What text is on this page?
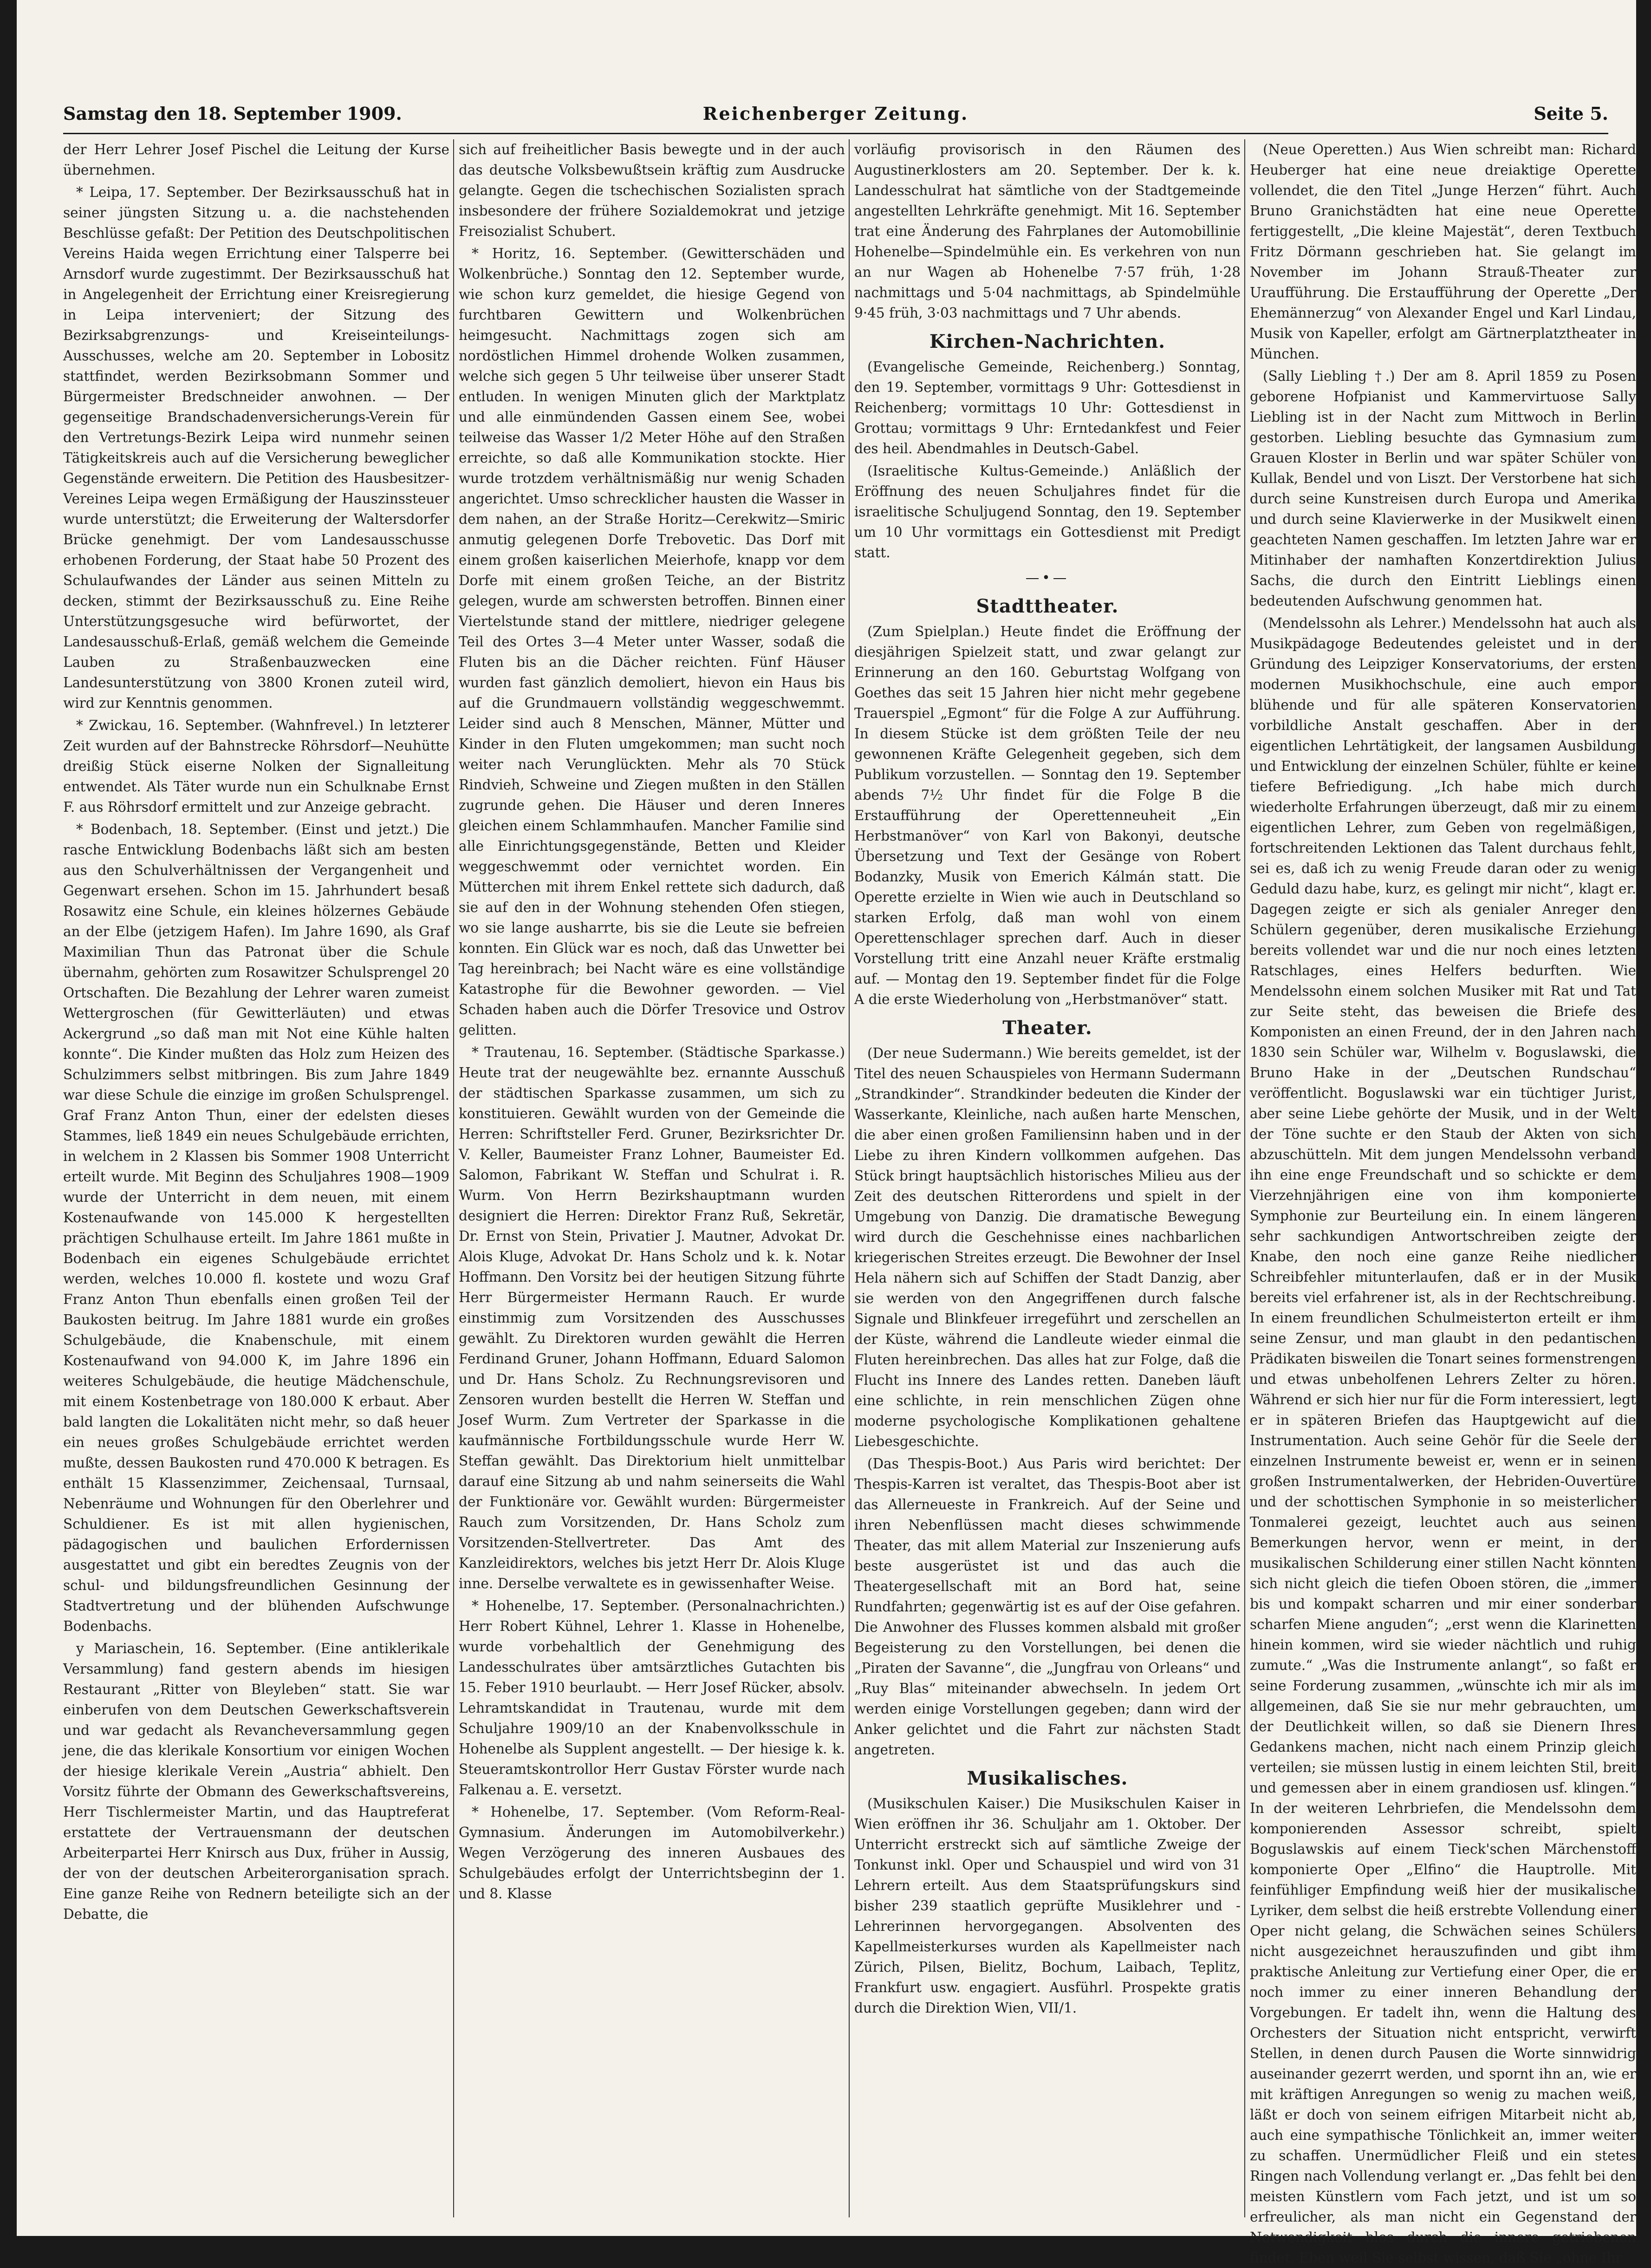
Samstag den 18. September 1909.	Reichenberger Zeitung.	Seite 5.

der Herr Lehrer Josef Pischel die Leitung der Kurse übernehmen.

* Leipa, 17. September. Der Bezirksausschuß hat in seiner jüngsten Sitzung u. a. die nachstehenden Beschlüsse gefaßt: Der Petition des Deutschpolitischen Vereins Haida wegen Errichtung einer Talsperre bei Arnsdorf wurde zugestimmt. Der Bezirksausschuß hat in Angelegenheit der Errichtung einer Kreisregierung in Leipa interveniert; der Sitzung des Bezirksabgrenzungs- und Kreiseinteilungs-Ausschusses, welche am 20. September in Lobositz stattfindet, werden Bezirksobmann Sommer und Bürgermeister Bredschneider anwohnen. — Der gegenseitige Brandschadenversicherungs-Verein für den Vertretungs-Bezirk Leipa wird nunmehr seinen Tätigkeitskreis auch auf die Versicherung beweglicher Gegenstände erweitern. Die Petition des Hausbesitzer-Vereines Leipa wegen Ermäßigung der Hauszinssteuer wurde unterstützt; die Erweiterung der Waltersdorfer Brücke genehmigt. Der vom Landesausschusse erhobenen Forderung, der Staat habe 50 Prozent des Schulaufwandes der Länder aus seinen Mitteln zu decken, stimmt der Bezirksausschuß zu. Eine Reihe Unterstützungsgesuche wird befürwortet, der Landesausschuß-Erlaß, gemäß welchem die Gemeinde Lauben zu Straßenbauzwecken eine Landesunterstützung von 3800 Kronen zuteil wird, wird zur Kenntnis genommen.

* Zwickau, 16. September. (Wahnfrevel.) In letzterer Zeit wurden auf der Bahnstrecke Röhrsdorf—Neuhütte dreißig Stück eiserne Nolken der Signalleitung entwendet. Als Täter wurde nun ein Schulknabe Ernst F. aus Röhrsdorf ermittelt und zur Anzeige gebracht.

* Bodenbach, 18. September. (Einst und jetzt.) Die rasche Entwicklung Bodenbachs läßt sich am besten aus den Schulverhältnissen der Vergangenheit und Gegenwart ersehen. Schon im 15. Jahrhundert besaß Rosawitz eine Schule, ein kleines hölzernes Gebäude an der Elbe (jetzigem Hafen). Im Jahre 1690, als Graf Maximilian Thun das Patronat über die Schule übernahm, gehörten zum Rosawitzer Schulsprengel 20 Ortschaften. Die Bezahlung der Lehrer waren zumeist Wettergroschen (für Gewitterläuten) und etwas Ackergrund „so daß man mit Not eine Kühle halten konnte“. Die Kinder mußten das Holz zum Heizen des Schulzimmers selbst mitbringen. Bis zum Jahre 1849 war diese Schule die einzige im großen Schulsprengel. Graf Franz Anton Thun, einer der edelsten dieses Stammes, ließ 1849 ein neues Schulgebäude errichten, in welchem in 2 Klassen bis Sommer 1908 Unterricht erteilt wurde. Mit Beginn des Schuljahres 1908—1909 wurde der Unterricht in dem neuen, mit einem Kostenaufwande von 145.000 K hergestellten prächtigen Schulhause erteilt. Im Jahre 1861 mußte in Bodenbach ein eigenes Schulgebäude errichtet werden, welches 10.000 fl. kostete und wozu Graf Franz Anton Thun ebenfalls einen großen Teil der Baukosten beitrug. Im Jahre 1881 wurde ein großes Schulgebäude, die Knabenschule, mit einem Kostenaufwand von 94.000 K, im Jahre 1896 ein weiteres Schulgebäude, die heutige Mädchenschule, mit einem Kostenbetrage von 180.000 K erbaut. Aber bald langten die Lokalitäten nicht mehr, so daß heuer ein neues großes Schulgebäude errichtet werden mußte, dessen Baukosten rund 470.000 K betragen. Es enthält 15 Klassenzimmer, Zeichensaal, Turnsaal, Nebenräume und Wohnungen für den Oberlehrer und Schuldiener. Es ist mit allen hygienischen, pädagogischen und baulichen Erfordernissen ausgestattet und gibt ein beredtes Zeugnis von der schul- und bildungsfreundlichen Gesinnung der Stadtvertretung und der blühenden Aufschwunge Bodenbachs.

y Mariaschein, 16. September. (Eine antiklerikale Versammlung) fand gestern abends im hiesigen Restaurant „Ritter von Bleyleben“ statt. Sie war einberufen von dem Deutschen Gewerkschaftsverein und war gedacht als Revancheversammlung gegen jene, die das klerikale Konsortium vor einigen Wochen der hiesige klerikale Verein „Austria“ abhielt. Den Vorsitz führte der Obmann des Gewerkschaftsvereins, Herr Tischlermeister Martin, und das Hauptreferat erstattete der Vertrauensmann der deutschen Arbeiterpartei Herr Knirsch aus Dux, früher in Aussig, der von der deutschen Arbeiterorganisation sprach. Eine ganze Reihe von Rednern beteiligte sich an der Debatte, die

sich auf freiheitlicher Basis bewegte und in der auch das deutsche Volksbewußtsein kräftig zum Ausdrucke gelangte. Gegen die tschechischen Sozialisten sprach insbesondere der frühere Sozialdemokrat und jetzige Freisozialist Schubert.

* Horitz, 16. September. (Gewitterschäden und Wolkenbrüche.) Sonntag den 12. September wurde, wie schon kurz gemeldet, die hiesige Gegend von furchtbaren Gewittern und Wolkenbrüchen heimgesucht. Nachmittags zogen sich am nordöstlichen Himmel drohende Wolken zusammen, welche sich gegen 5 Uhr teilweise über unserer Stadt entluden. In wenigen Minuten glich der Marktplatz und alle einmündenden Gassen einem See, wobei teilweise das Wasser 1/2 Meter Höhe auf den Straßen erreichte, so daß alle Kommunikation stockte. Hier wurde trotzdem verhältnismäßig nur wenig Schaden angerichtet. Umso schrecklicher hausten die Wasser in dem nahen, an der Straße Horitz—Cerekwitz—Smiric anmutig gelegenen Dorfe Trebovetic. Das Dorf mit einem großen kaiserlichen Meierhofe, knapp vor dem Dorfe mit einem großen Teiche, an der Bistritz gelegen, wurde am schwersten betroffen. Binnen einer Viertelstunde stand der mittlere, niedriger gelegene Teil des Ortes 3—4 Meter unter Wasser, sodaß die Fluten bis an die Dächer reichten. Fünf Häuser wurden fast gänzlich demoliert, hievon ein Haus bis auf die Grundmauern vollständig weggeschwemmt. Leider sind auch 8 Menschen, Männer, Mütter und Kinder in den Fluten umgekommen; man sucht noch weiter nach Verunglückten. Mehr als 70 Stück Rindvieh, Schweine und Ziegen mußten in den Ställen zugrunde gehen. Die Häuser und deren Inneres gleichen einem Schlammhaufen. Mancher Familie sind alle Einrichtungsgegenstände, Betten und Kleider weggeschwemmt oder vernichtet worden. Ein Mütterchen mit ihrem Enkel rettete sich dadurch, daß sie auf den in der Wohnung stehenden Ofen stiegen, wo sie lange ausharrte, bis sie die Leute sie befreien konnten. Ein Glück war es noch, daß das Unwetter bei Tag hereinbrach; bei Nacht wäre es eine vollständige Katastrophe für die Bewohner geworden. — Viel Schaden haben auch die Dörfer Tresovice und Ostrov gelitten.

* Trautenau, 16. September. (Städtische Sparkasse.) Heute trat der neugewählte bez. ernannte Ausschuß der städtischen Sparkasse zusammen, um sich zu konstituieren. Gewählt wurden von der Gemeinde die Herren: Schriftsteller Ferd. Gruner, Bezirksrichter Dr. V. Keller, Baumeister Franz Lohner, Baumeister Ed. Salomon, Fabrikant W. Steffan und Schulrat i. R. Wurm. Von Herrn Bezirkshauptmann wurden designiert die Herren: Direktor Franz Ruß, Sekretär, Dr. Ernst von Stein, Privatier J. Mautner, Advokat Dr. Alois Kluge, Advokat Dr. Hans Scholz und k. k. Notar Hoffmann. Den Vorsitz bei der heutigen Sitzung führte Herr Bürgermeister Hermann Rauch. Er wurde einstimmig zum Vorsitzenden des Ausschusses gewählt. Zu Direktoren wurden gewählt die Herren Ferdinand Gruner, Johann Hoffmann, Eduard Salomon und Dr. Hans Scholz. Zu Rechnungsrevisoren und Zensoren wurden bestellt die Herren W. Steffan und Josef Wurm. Zum Vertreter der Sparkasse in die kaufmännische Fortbildungsschule wurde Herr W. Steffan gewählt. Das Direktorium hielt unmittelbar darauf eine Sitzung ab und nahm seinerseits die Wahl der Funktionäre vor. Gewählt wurden: Bürgermeister Rauch zum Vorsitzenden, Dr. Hans Scholz zum Vorsitzenden-Stellvertreter. Das Amt des Kanzleidirektors, welches bis jetzt Herr Dr. Alois Kluge inne. Derselbe verwaltete es in gewissenhafter Weise.

* Hohenelbe, 17. September. (Personalnachrichten.) Herr Robert Kühnel, Lehrer 1. Klasse in Hohenelbe, wurde vorbehaltlich der Genehmigung des Landesschulrates über amtsärztliches Gutachten bis 15. Feber 1910 beurlaubt. — Herr Josef Rücker, absolv. Lehramtskandidat in Trautenau, wurde mit dem Schuljahre 1909/10 an der Knabenvolksschule in Hohenelbe als Supplent angestellt. — Der hiesige k. k. Steueramtskontrollor Herr Gustav Förster wurde nach Falkenau a. E. versetzt.

* Hohenelbe, 17. September. (Vom Reform-Real-Gymnasium. Änderungen im Automobilverkehr.) Wegen Verzögerung des inneren Ausbaues des Schulgebäudes erfolgt der Unterrichtsbeginn der 1. und 8. Klasse

vorläufig provisorisch in den Räumen des Augustinerklosters am 20. September. Der k. k. Landesschulrat hat sämtliche von der Stadtgemeinde angestellten Lehrkräfte genehmigt. Mit 16. September trat eine Änderung des Fahrplanes der Automobillinie Hohenelbe—Spindelmühle ein. Es verkehren von nun an nur Wagen ab Hohenelbe 7·57 früh, 1·28 nachmittags und 5·04 nachmittags, ab Spindelmühle 9·45 früh, 3·03 nachmittags und 7 Uhr abends.

Kirchen-Nachrichten.

(Evangelische Gemeinde, Reichenberg.) Sonntag, den 19. September, vormittags 9 Uhr: Gottesdienst in Reichenberg; vormittags 10 Uhr: Gottesdienst in Grottau; vormittags 9 Uhr: Erntedankfest und Feier des heil. Abendmahles in Deutsch-Gabel.

(Israelitische Kultus-Gemeinde.) Anläßlich der Eröffnung des neuen Schuljahres findet für die israelitische Schuljugend Sonntag, den 19. September um 10 Uhr vormittags ein Gottesdienst mit Predigt statt.

—•—
Stadttheater.

(Zum Spielplan.) Heute findet die Eröffnung der diesjährigen Spielzeit statt, und zwar gelangt zur Erinnerung an den 160. Geburtstag Wolfgang von Goethes das seit 15 Jahren hier nicht mehr gegebene Trauerspiel „Egmont“ für die Folge A zur Aufführung. In diesem Stücke ist dem größten Teile der neu gewonnenen Kräfte Gelegenheit gegeben, sich dem Publikum vorzustellen. — Sonntag den 19. September abends 7½ Uhr findet für die Folge B die Erstaufführung der Operettenneuheit „Ein Herbstmanöver“ von Karl von Bakonyi, deutsche Übersetzung und Text der Gesänge von Robert Bodanzky, Musik von Emerich Kálmán statt. Die Operette erzielte in Wien wie auch in Deutschland so starken Erfolg, daß man wohl von einem Operettenschlager sprechen darf. Auch in dieser Vorstellung tritt eine Anzahl neuer Kräfte erstmalig auf. — Montag den 19. September findet für die Folge A die erste Wiederholung von „Herbstmanöver“ statt.

Theater.

(Der neue Sudermann.) Wie bereits gemeldet, ist der Titel des neuen Schauspieles von Hermann Sudermann „Strandkinder“. Strandkinder bedeuten die Kinder der Wasserkante, Kleinliche, nach außen harte Menschen, die aber einen großen Familiensinn haben und in der Liebe zu ihren Kindern vollkommen aufgehen. Das Stück bringt hauptsächlich historisches Milieu aus der Zeit des deutschen Ritterordens und spielt in der Umgebung von Danzig. Die dramatische Bewegung wird durch die Geschehnisse eines nachbarlichen kriegerischen Streites erzeugt. Die Bewohner der Insel Hela nähern sich auf Schiffen der Stadt Danzig, aber sie werden von den Angegriffenen durch falsche Signale und Blinkfeuer irregeführt und zerschellen an der Küste, während die Landleute wieder einmal die Fluten hereinbrechen. Das alles hat zur Folge, daß die Flucht ins Innere des Landes retten. Daneben läuft eine schlichte, in rein menschlichen Zügen ohne moderne psychologische Komplikationen gehaltene Liebesgeschichte.

(Das Thespis-Boot.) Aus Paris wird berichtet: Der Thespis-Karren ist veraltet, das Thespis-Boot aber ist das Allerneueste in Frankreich. Auf der Seine und ihren Nebenflüssen macht dieses schwimmende Theater, das mit allem Material zur Inszenierung aufs beste ausgerüstet ist und das auch die Theatergesellschaft mit an Bord hat, seine Rundfahrten; gegenwärtig ist es auf der Oise gefahren. Die Anwohner des Flusses kommen alsbald mit großer Begeisterung zu den Vorstellungen, bei denen die „Piraten der Savanne“, die „Jungfrau von Orleans“ und „Ruy Blas“ miteinander abwechseln. In jedem Ort werden einige Vorstellungen gegeben; dann wird der Anker gelichtet und die Fahrt zur nächsten Stadt angetreten.

Musikalisches.

(Musikschulen Kaiser.) Die Musikschulen Kaiser in Wien eröffnen ihr 36. Schuljahr am 1. Oktober. Der Unterricht erstreckt sich auf sämtliche Zweige der Tonkunst inkl. Oper und Schauspiel und wird von 31 Lehrern erteilt. Aus dem Staatsprüfungskurs sind bisher 239 staatlich geprüfte Musiklehrer und -Lehrerinnen hervorgegangen. Absolventen des Kapellmeisterkurses wurden als Kapellmeister nach Zürich, Pilsen, Bielitz, Bochum, Laibach, Teplitz, Frankfurt usw. engagiert. Ausführl. Prospekte gratis durch die Direktion Wien, VII/1.

(Neue Operetten.) Aus Wien schreibt man: Richard Heuberger hat eine neue dreiaktige Operette vollendet, die den Titel „Junge Herzen“ führt. Auch Bruno Granichstädten hat eine neue Operette fertiggestellt, „Die kleine Majestät“, deren Textbuch Fritz Dörmann geschrieben hat. Sie gelangt im November im Johann Strauß-Theater zur Uraufführung. Die Erstaufführung der Operette „Der Ehemännerzug“ von Alexander Engel und Karl Lindau, Musik von Kapeller, erfolgt am Gärtnerplatztheater in München.

(Sally Liebling †.) Der am 8. April 1859 zu Posen geborene Hofpianist und Kammervirtuose Sally Liebling ist in der Nacht zum Mittwoch in Berlin gestorben. Liebling besuchte das Gymnasium zum Grauen Kloster in Berlin und war später Schüler von Kullak, Bendel und von Liszt. Der Verstorbene hat sich durch seine Kunstreisen durch Europa und Amerika und durch seine Klavierwerke in der Musikwelt einen geachteten Namen geschaffen. Im letzten Jahre war er Mitinhaber der namhaften Konzertdirektion Julius Sachs, die durch den Eintritt Lieblings einen bedeutenden Aufschwung genommen hat.

(Mendelssohn als Lehrer.) Mendelssohn hat auch als Musikpädagoge Bedeutendes geleistet und in der Gründung des Leipziger Konservatoriums, der ersten modernen Musikhochschule, eine auch empor blühende und für alle späteren Konservatorien vorbildliche Anstalt geschaffen. Aber in der eigentlichen Lehrtätigkeit, der langsamen Ausbildung und Entwicklung der einzelnen Schüler, fühlte er keine tiefere Befriedigung. „Ich habe mich durch wiederholte Erfahrungen überzeugt, daß mir zu einem eigentlichen Lehrer, zum Geben von regelmäßigen, fortschreitenden Lektionen das Talent durchaus fehlt, sei es, daß ich zu wenig Freude daran oder zu wenig Geduld dazu habe, kurz, es gelingt mir nicht“, klagt er. Dagegen zeigte er sich als genialer Anreger den Schülern gegenüber, deren musikalische Erziehung bereits vollendet war und die nur noch eines letzten Ratschlages, eines Helfers bedurften. Wie Mendelssohn einem solchen Musiker mit Rat und Tat zur Seite steht, das beweisen die Briefe des Komponisten an einen Freund, der in den Jahren nach 1830 sein Schüler war, Wilhelm v. Boguslawski, die Bruno Hake in der „Deutschen Rundschau“ veröffentlicht. Boguslawski war ein tüchtiger Jurist, aber seine Liebe gehörte der Musik, und in der Welt der Töne suchte er den Staub der Akten von sich abzuschütteln. Mit dem jungen Mendelssohn verband ihn eine enge Freundschaft und so schickte er dem Vierzehnjährigen eine von ihm komponierte Symphonie zur Beurteilung ein. In einem längeren sehr sachkundigen Antwortschreiben zeigte der Knabe, den noch eine ganze Reihe niedlicher Schreibfehler mitunterlaufen, daß er in der Musik bereits viel erfahrener ist, als in der Rechtschreibung. In einem freundlichen Schulmeisterton erteilt er ihm seine Zensur, und man glaubt in den pedantischen Prädikaten bisweilen die Tonart seines formenstrengen und etwas unbeholfenen Lehrers Zelter zu hören. Während er sich hier nur für die Form interessiert, legt er in späteren Briefen das Hauptgewicht auf die Instrumentation. Auch seine Gehör für die Seele der einzelnen Instrumente beweist er, wenn er in seinen großen Instrumentalwerken, der Hebriden-Ouvertüre und der schottischen Symphonie in so meisterlicher Tonmalerei gezeigt, leuchtet auch aus seinen Bemerkungen hervor, wenn er meint, in der musikalischen Schilderung einer stillen Nacht könnten sich nicht gleich die tiefen Oboen stören, die „immer bis und kompakt scharren und mir einer sonderbar scharfen Miene anguden“; „erst wenn die Klarinetten hinein kommen, wird sie wieder nächtlich und ruhig zumute.“ „Was die Instrumente anlangt“, so faßt er seine Forderung zusammen, „wünschte ich mir als im allgemeinen, daß Sie sie nur mehr gebrauchten, um der Deutlichkeit willen, so daß sie Dienern Ihres Gedankens machen, nicht nach einem Prinzip gleich verteilen; sie müssen lustig in einem leichten Stil, breit und gemessen aber in einem grandiosen usf. klingen.“ In der weiteren Lehrbriefen, die Mendelssohn dem komponierenden Assessor schreibt, spielt Boguslawskis auf einem Tieck'schen Märchenstoff komponierte Oper „Elfino“ die Hauptrolle. Mit feinfühliger Empfindung weiß hier der musikalische Lyriker, dem selbst die heiß erstrebte Vollendung einer Oper nicht gelang, die Schwächen seines Schülers nicht ausgezeichnet herauszufinden und gibt ihm praktische Anleitung zur Vertiefung einer Oper, die er noch immer zu einer inneren Behandlung der Vorgebungen. Er tadelt ihn, wenn die Haltung des Orchesters der Situation nicht entspricht, verwirft Stellen, in denen durch Pausen die Worte sinnwidrig auseinander gezerrt werden, und spornt ihn an, wie er mit kräftigen Anregungen so wenig zu machen weiß, läßt er doch von seinem eifrigen Mitarbeit nicht ab, auch eine sympathische Tönlichkeit an, immer weiter zu schaffen. Unermüdlicher Fleiß und ein stetes Ringen nach Vollendung verlangt er. „Das fehlt bei den meisten Künstlern vom Fach jetzt, und ist um so erfreulicher, als man nicht ein Gegenstand der Notwendigkeit blos durch die innere getriebenen findet. Eben weil Sie selbst wissen, daß Sie „ohne Ihr
